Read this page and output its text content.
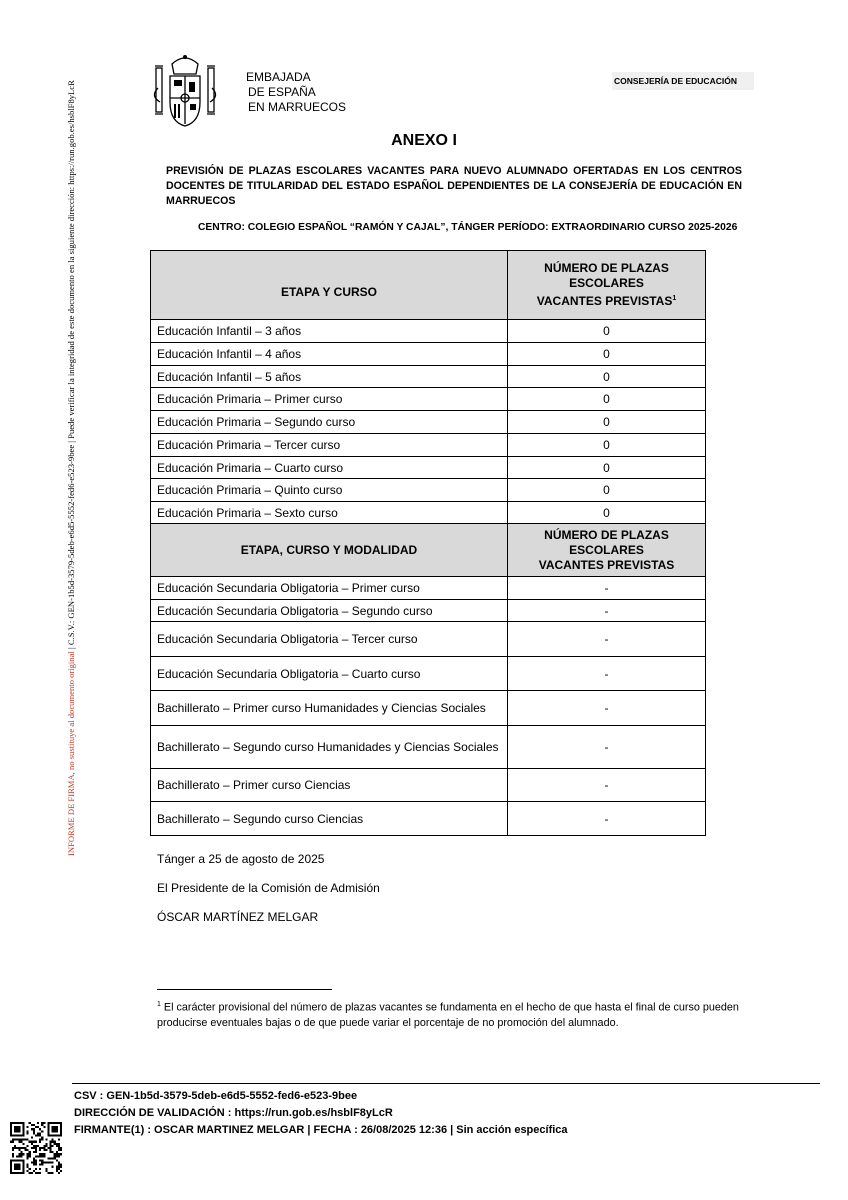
INFORME DE FIRMA, no sustituye al documento original | C.S.V.: GEN-1b5d-3579-5deb-e6d5-5552-fed6-e523-9bee | Puede verificar la integridad de este documento en la siguiente dirección: https://run.gob.es/hsblF8yLcR
EMBAJADA
DE ESPAÑA
EN MARRUECOS
CONSEJERÍA DE EDUCACIÓN
ANEXO I
PREVISIÓN DE PLAZAS ESCOLARES VACANTES PARA NUEVO ALUMNADO OFERTADAS EN LOS CENTROS
DOCENTES DE TITULARIDAD DEL ESTADO ESPAÑOL DEPENDIENTES DE LA CONSEJERÍA DE EDUCACIÓN EN
MARRUECOS
CENTRO: COLEGIO ESPAÑOL “RAMÓN Y CAJAL”, TÁNGER PERÍODO: EXTRAORDINARIO CURSO 2025-2026
ETAPA Y CURSO	NÚMERO DE PLAZAS ESCOLARES VACANTES PREVISTAS$^1$
Educación Infantil – 3 años	0
Educación Infantil – 4 años	0
Educación Infantil – 5 años	0
Educación Primaria – Primer curso	0
Educación Primaria – Segundo curso	0
Educación Primaria – Tercer curso	0
Educación Primaria – Cuarto curso	0
Educación Primaria – Quinto curso	0
Educación Primaria – Sexto curso	0
ETAPA, CURSO Y MODALIDAD	NÚMERO DE PLAZAS ESCOLARES VACANTES PREVISTAS
Educación Secundaria Obligatoria – Primer curso	-
Educación Secundaria Obligatoria – Segundo curso	-
Educación Secundaria Obligatoria – Tercer curso	-
Educación Secundaria Obligatoria – Cuarto curso	-
Bachillerato – Primer curso Humanidades y Ciencias Sociales	-
Bachillerato – Segundo curso Humanidades y Ciencias Sociales	-
Bachillerato – Primer curso Ciencias	-
Bachillerato – Segundo curso Ciencias	-
Tánger a 25 de agosto de 2025
El Presidente de la Comisión de Admisión
ÓSCAR MARTÍNEZ MELGAR
$^1$ El carácter provisional del número de plazas vacantes se fundamenta en el hecho de que hasta el final de curso pueden producirse eventuales bajas o de que puede variar el porcentaje de no promoción del alumnado.
CSV : GEN-1b5d-3579-5deb-e6d5-5552-fed6-e523-9bee
DIRECCIÓN DE VALIDACIÓN : https://run.gob.es/hsblF8yLcR
FIRMANTE(1) : OSCAR MARTINEZ MELGAR | FECHA : 26/08/2025 12:36 | Sin acción específica
